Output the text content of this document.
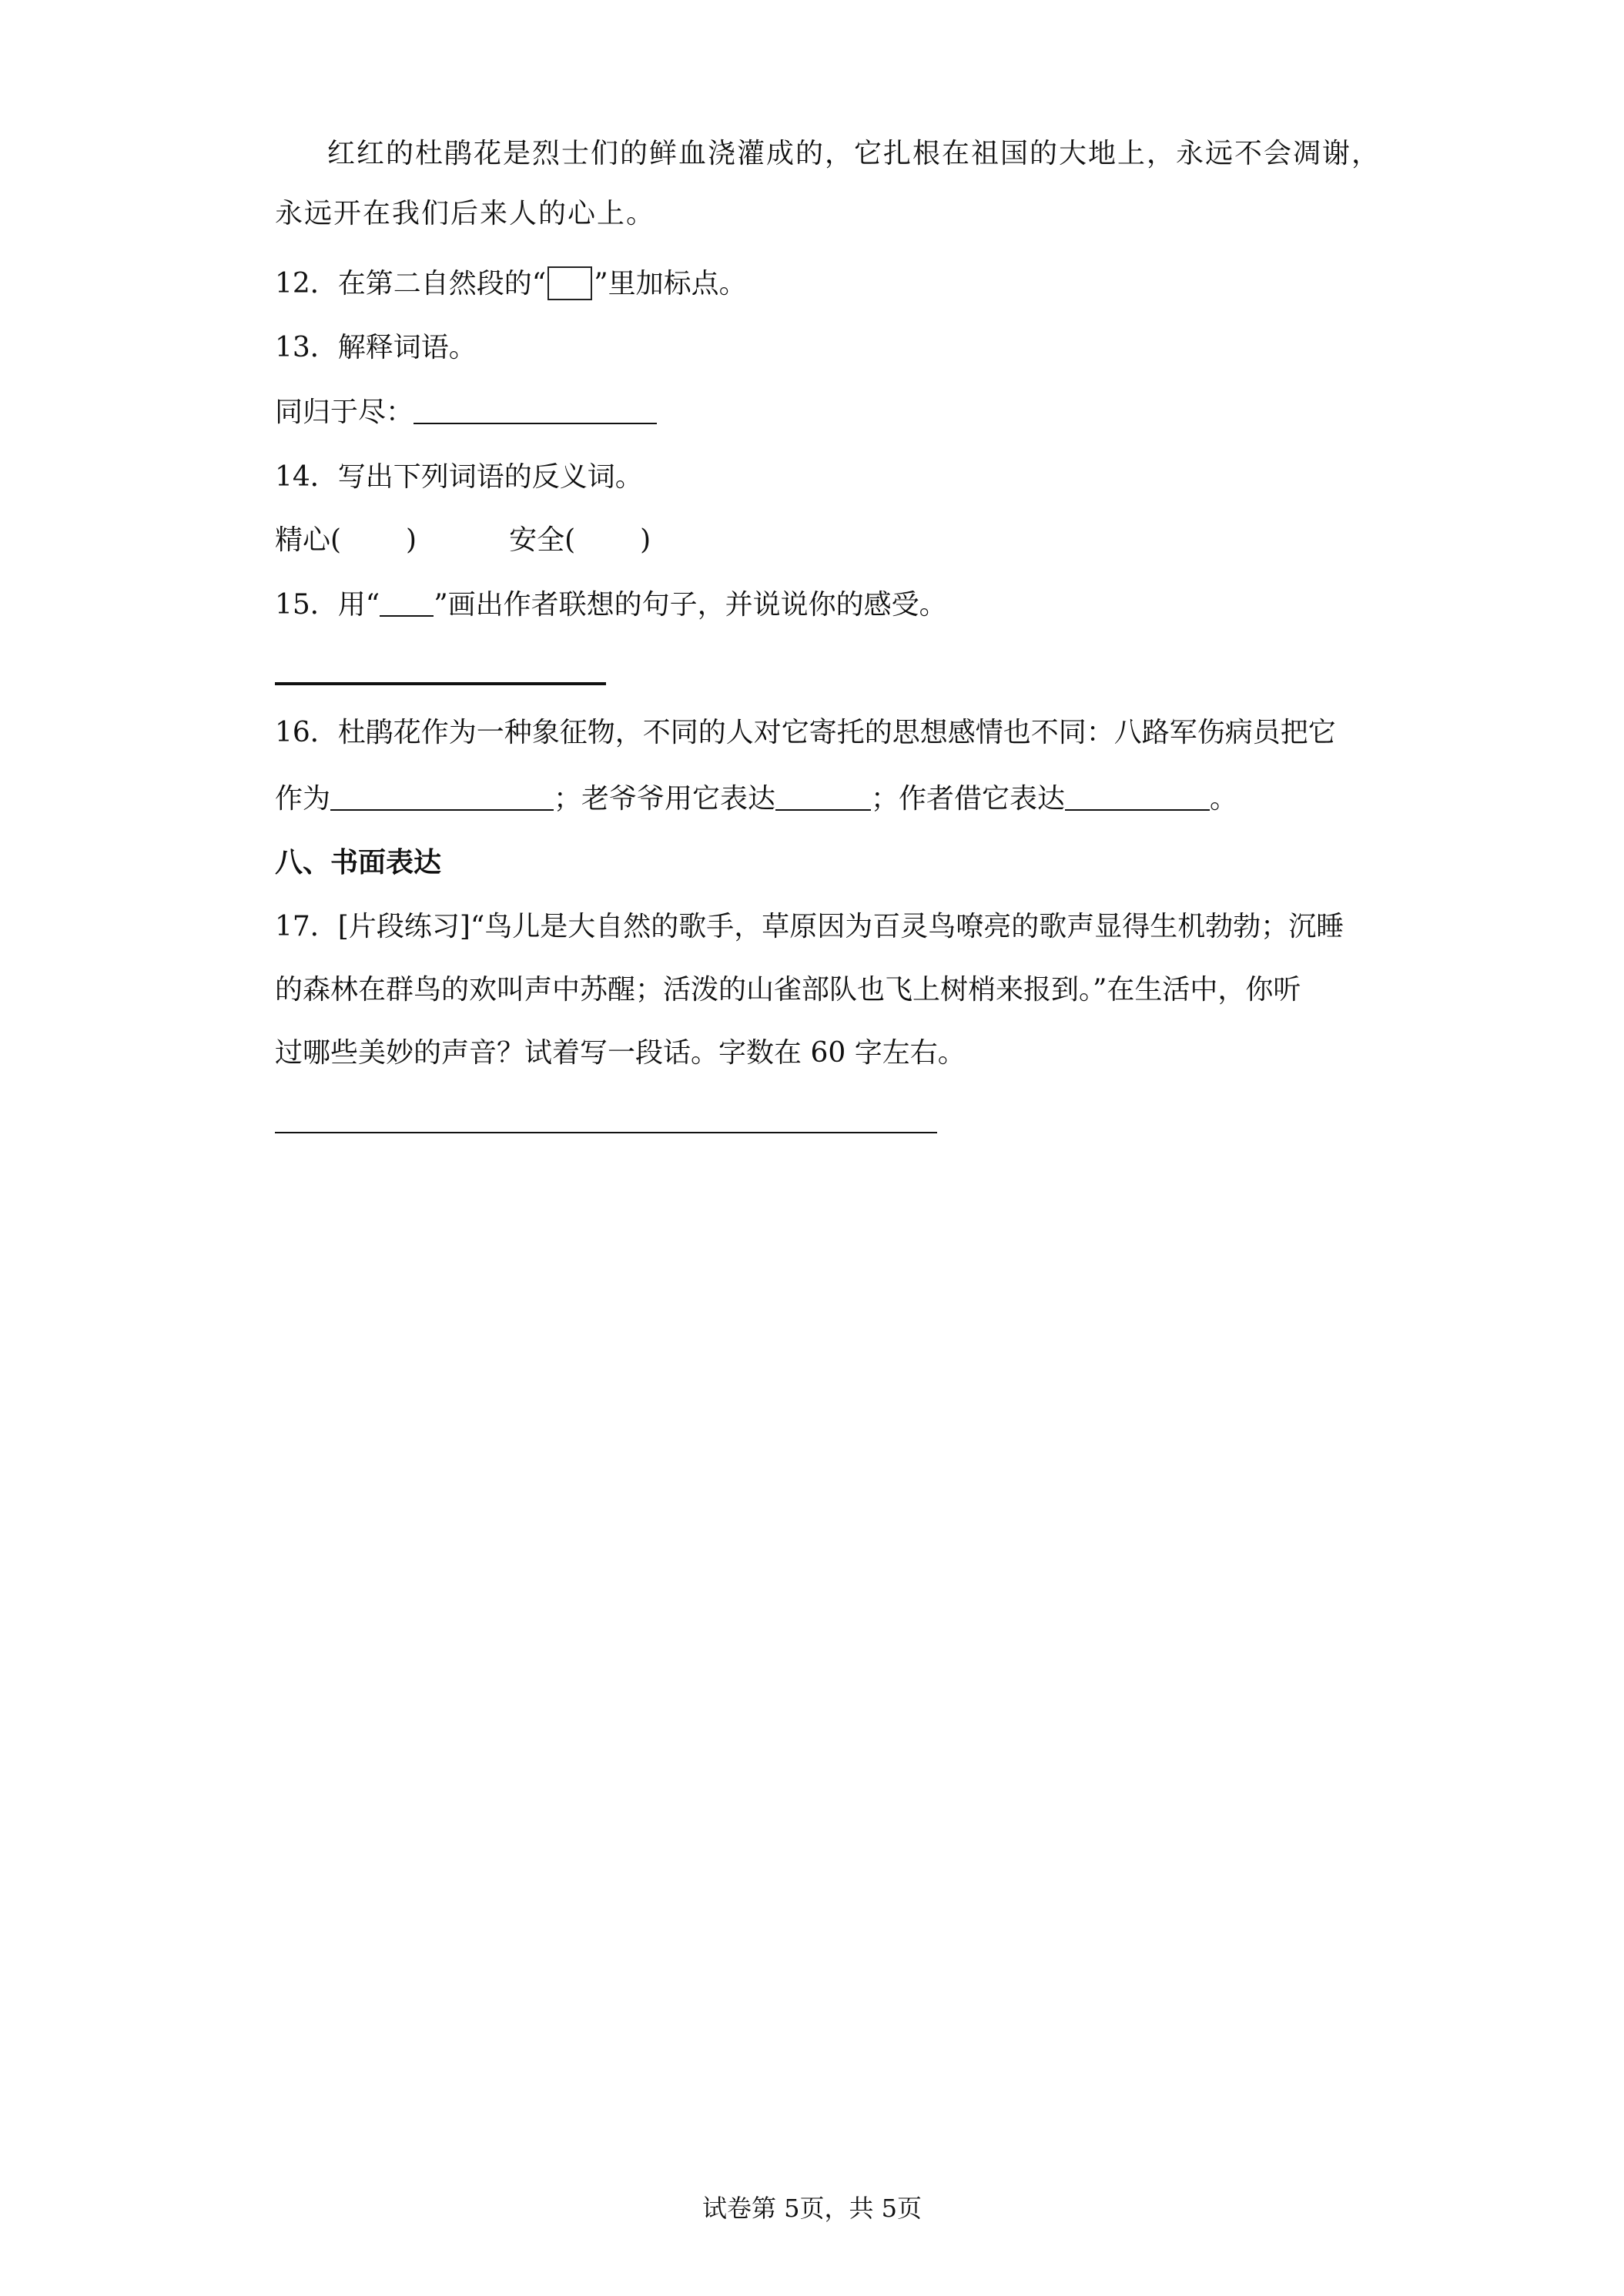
红红的杜鹃花是烈士们的鲜血浇灌成的，它扎根在祖国的大地上，永远不会凋谢，
永远开在我们后来人的心上。
12．在第二自然段的“ ”里加标点。
13．解释词语。
同归于尽：
14．写出下列词语的反义词。
精心( )	安全( )
15．用“ ”画出作者联想的句子，并说说你的感受。
16．杜鹃花作为一种象征物，不同的人对它寄托的思想感情也不同：八路军伤病员把它
作为	；老爷爷用它表达	；作者借它表达	。
八、书面表达
17．[片段练习]“鸟儿是大自然的歌手，草原因为百灵鸟嘹亮的歌声显得生机勃勃；沉睡
的森林在群鸟的欢叫声中苏醒；活泼的山雀部队也飞上树梢来报到。”在生活中，你听
过哪些美妙的声音？试着写一段话。字数在 60 字左右。
试卷第 5页，共 5页
